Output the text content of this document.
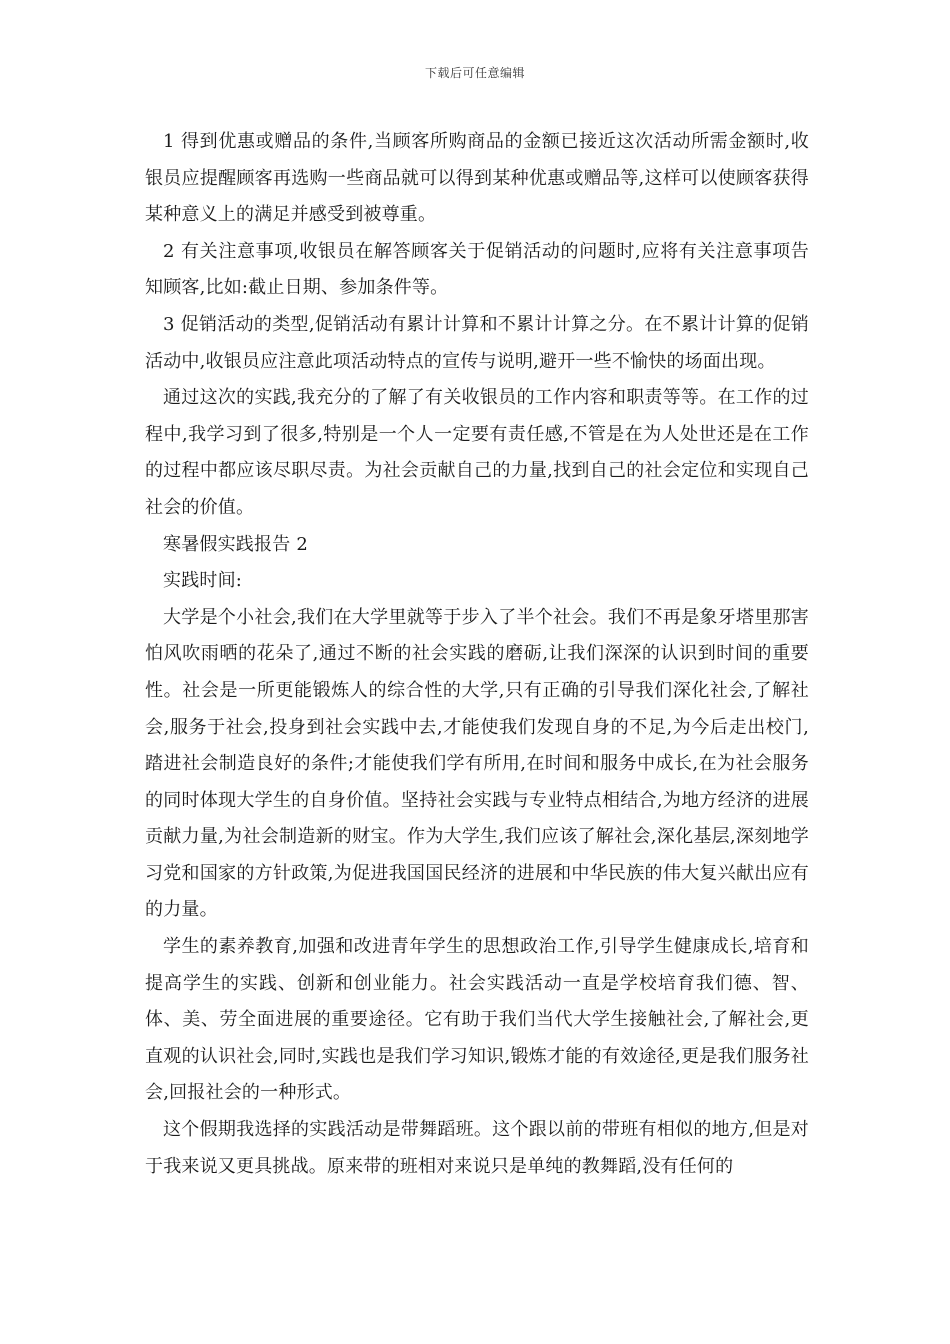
下载后可任意编辑

1 得到优惠或赠品的条件,当顾客所购商品的金额已接近这次活动所需金额时,收银员应提醒顾客再选购一些商品就可以得到某种优惠或赠品等,这样可以使顾客获得某种意义上的满足并感受到被尊重。

2 有关注意事项,收银员在解答顾客关于促销活动的问题时,应将有关注意事项告知顾客,比如:截止日期、参加条件等。

3 促销活动的类型,促销活动有累计计算和不累计计算之分。在不累计计算的促销活动中,收银员应注意此项活动特点的宣传与说明,避开一些不愉快的场面出现。

通过这次的实践,我充分的了解了有关收银员的工作内容和职责等等。在工作的过程中,我学习到了很多,特别是一个人一定要有责任感,不管是在为人处世还是在工作的过程中都应该尽职尽责。为社会贡献自己的力量,找到自己的社会定位和实现自己社会的价值。

寒暑假实践报告 2

实践时间:

大学是个小社会,我们在大学里就等于步入了半个社会。我们不再是象牙塔里那害怕风吹雨晒的花朵了,通过不断的社会实践的磨砺,让我们深深的认识到时间的重要性。社会是一所更能锻炼人的综合性的大学,只有正确的引导我们深化社会,了解社会,服务于社会,投身到社会实践中去,才能使我们发现自身的不足,为今后走出校门,踏进社会制造良好的条件;才能使我们学有所用,在时间和服务中成长,在为社会服务的同时体现大学生的自身价值。坚持社会实践与专业特点相结合,为地方经济的进展贡献力量,为社会制造新的财宝。作为大学生,我们应该了解社会,深化基层,深刻地学习党和国家的方针政策,为促进我国国民经济的进展和中华民族的伟大复兴献出应有的力量。

学生的素养教育,加强和改进青年学生的思想政治工作,引导学生健康成长,培育和提高学生的实践、创新和创业能力。社会实践活动一直是学校培育我们德、智、体、美、劳全面进展的重要途径。它有助于我们当代大学生接触社会,了解社会,更直观的认识社会,同时,实践也是我们学习知识,锻炼才能的有效途径,更是我们服务社会,回报社会的一种形式。

这个假期我选择的实践活动是带舞蹈班。这个跟以前的带班有相似的地方,但是对于我来说又更具挑战。原来带的班相对来说只是单纯的教舞蹈,没有任何的
